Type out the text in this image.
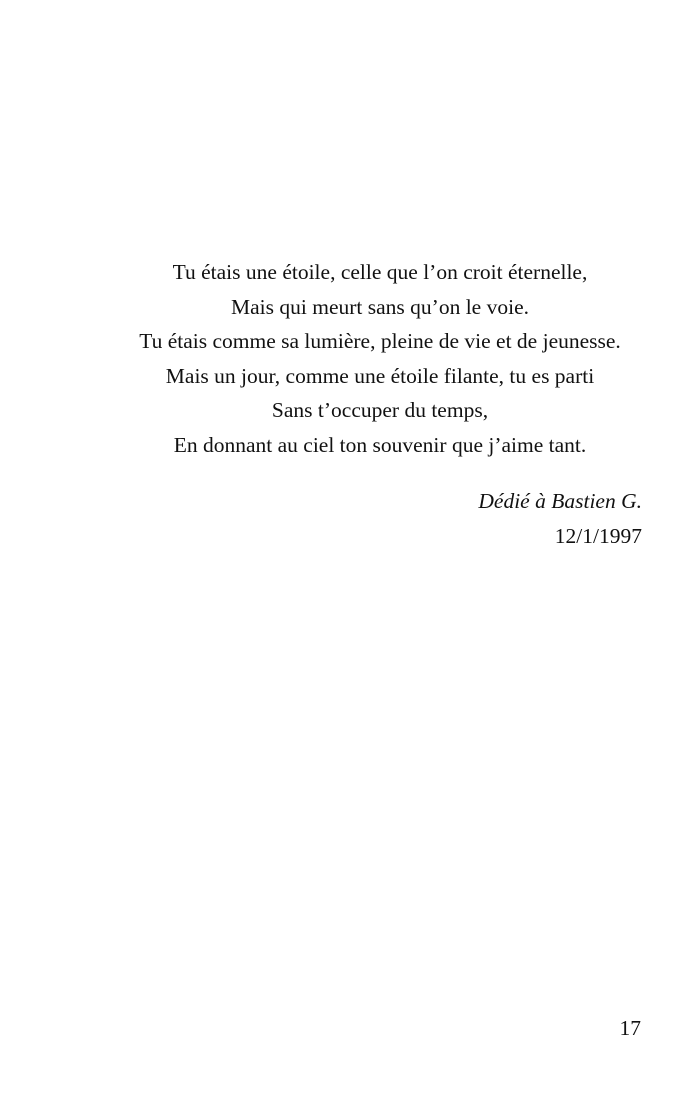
Tu étais une étoile, celle que l’on croit éternelle,
Mais qui meurt sans qu’on le voie.
Tu étais comme sa lumière, pleine de vie et de jeunesse.
Mais un jour, comme une étoile filante, tu es parti
Sans t’occuper du temps,
En donnant au ciel ton souvenir que j’aime tant.
Dédié à Bastien G.
12/1/1997
17
